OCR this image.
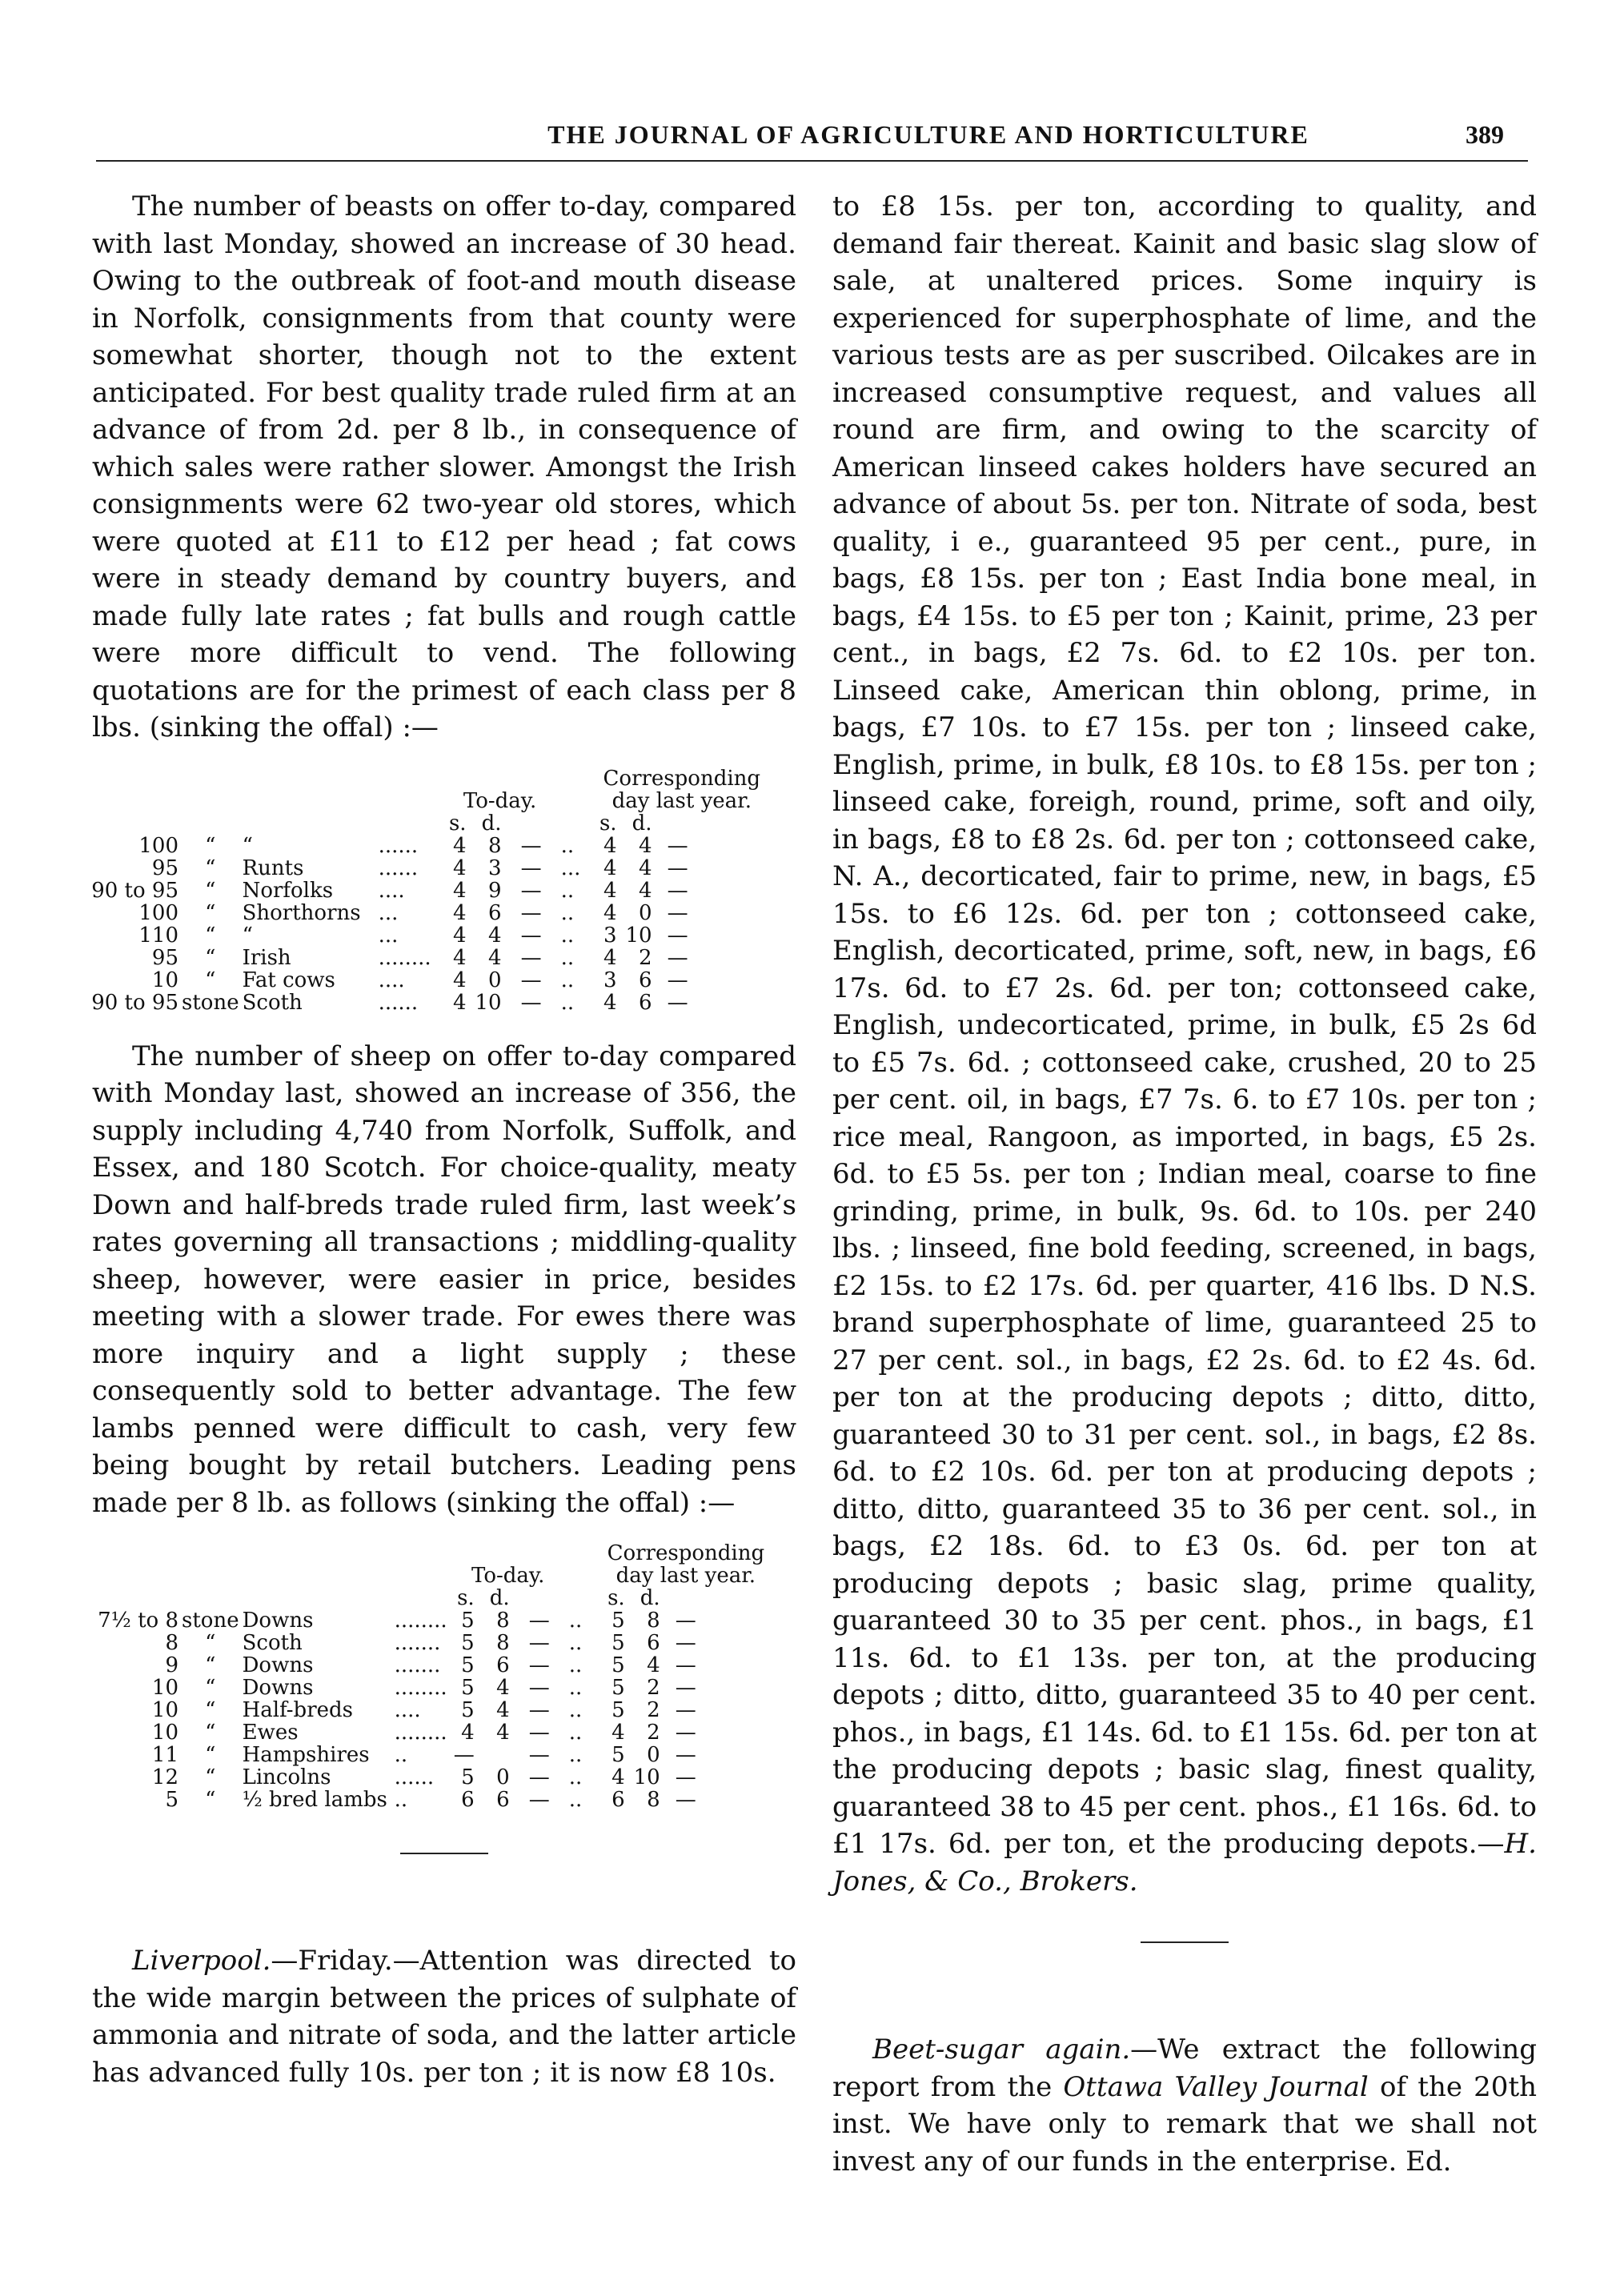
THE JOURNAL OF AGRICULTURE AND HORTICULTURE	389

The number of beasts on offer to-day, compared with last Monday, showed an increase of 30 head. Owing to the outbreak of foot-and mouth disease in Norfolk, consignments from that county were somewhat shorter, though not to the extent anticipated. For best quality trade ruled firm at an advance of from 2d. per 8 lb., in consequence of which sales were rather slower. Amongst the Irish consignments were 62 two-year old stores, which were quoted at £11 to £12 per head ; fat cows were in steady demand by country buyers, and made fully late rates ; fat bulls and rough cattle were more difficult to vend. The following quotations are for the primest of each class per 8 lbs. (sinking the offal) :—

							Corresponding				
				To-day.			day last year.				
				s.	d.			s.	d.		
100	“	“	......	4	8	—	..	4	4	—	
95	“	Runts	......	4	3	—	...	4	4	—	
90 to 95	“	Norfolks	....	4	9	—	..	4	4	—	
100	“	Shorthorns	...	4	6	—	..	4	0	—	
110	“	“	...	4	4	—	..	3	10	—	
95	“	Irish	........	4	4	—	..	4	2	—	
10	“	Fat cows	....	4	0	—	..	3	6	—	
90 to 95	stone	Scoth	......	4	10	—	..	4	6	—	

The number of sheep on offer to-day compared with Monday last, showed an increase of 356, the supply including 4,740 from Norfolk, Suffolk, and Essex, and 180 Scotch. For choice-quality, meaty Down and half-breds trade ruled firm, last week’s rates governing all transactions ; middling-quality sheep, however, were easier in price, besides meeting with a slower trade. For ewes there was more inquiry and a light supply ; these consequently sold to better advantage. The few lambs penned were difficult to cash, very few being bought by retail butchers. Leading pens made per 8 lb. as follows (sinking the offal) :—

							Corresponding				
				To-day.			day last year.				
				s.	d.			s.	d.		
7½ to 8	stone	Downs	........	5	8	—	..	5	8	—	
8	“	Scoth	.......	5	8	—	..	5	6	—	
9	“	Downs	.......	5	6	—	..	5	4	—	
10	“	Downs	........	5	4	—	..	5	2	—	
10	“	Half-breds	....	5	4	—	..	5	2	—	
10	“	Ewes	........	4	4	—	..	4	2	—	
11	“	Hampshires	..	—		—	..	5	0	—	
12	“	Lincolns	......	5	0	—	..	4	10	—	
5	“	½ bred lambs	..	6	6	—	..	6	8	—	

Liverpool.—Friday.—Attention was directed to the wide margin between the prices of sulphate of ammonia and nitrate of soda, and the latter article has advanced fully 10s. per ton ; it is now £8 10s.

to £8 15s. per ton, according to quality, and demand fair thereat. Kainit and basic slag slow of sale, at unaltered prices. Some inquiry is experienced for superphosphate of lime, and the various tests are as per suscribed. Oilcakes are in increased consumptive request, and values all round are firm, and owing to the scarcity of American linseed cakes holders have secured an advance of about 5s. per ton. Nitrate of soda, best quality, i e., guaranteed 95 per cent., pure, in bags, £8 15s. per ton ; East India bone meal, in bags, £4 15s. to £5 per ton ; Kainit, prime, 23 per cent., in bags, £2 7s. 6d. to £2 10s. per ton. Linseed cake, American thin oblong, prime, in bags, £7 10s. to £7 15s. per ton ; linseed cake, English, prime, in bulk, £8 10s. to £8 15s. per ton ; linseed cake, foreigh, round, prime, soft and oily, in bags, £8 to £8 2s. 6d. per ton ; cottonseed cake, N. A., decorticated, fair to prime, new, in bags, £5 15s. to £6 12s. 6d. per ton ; cottonseed cake, English, decorticated, prime, soft, new, in bags, £6 17s. 6d. to £7 2s. 6d. per ton; cottonseed cake, English, undecorticated, prime, in bulk, £5 2s 6d to £5 7s. 6d. ; cottonseed cake, crushed, 20 to 25 per cent. oil, in bags, £7 7s. 6. to £7 10s. per ton ; rice meal, Rangoon, as imported, in bags, £5 2s. 6d. to £5 5s. per ton ; Indian meal, coarse to fine grinding, prime, in bulk, 9s. 6d. to 10s. per 240 lbs. ; linseed, fine bold feeding, screened, in bags, £2 15s. to £2 17s. 6d. per quarter, 416 lbs. D N.S. brand superphosphate of lime, guaranteed 25 to 27 per cent. sol., in bags, £2 2s. 6d. to £2 4s. 6d. per ton at the producing depots ; ditto, ditto, guaranteed 30 to 31 per cent. sol., in bags, £2 8s. 6d. to £2 10s. 6d. per ton at producing depots ; ditto, ditto, guaranteed 35 to 36 per cent. sol., in bags, £2 18s. 6d. to £3 0s. 6d. per ton at producing depots ; basic slag, prime quality, guaranteed 30 to 35 per cent. phos., in bags, £1 11s. 6d. to £1 13s. per ton, at the producing depots ; ditto, ditto, guaranteed 35 to 40 per cent. phos., in bags, £1 14s. 6d. to £1 15s. 6d. per ton at the producing depots ; basic slag, finest quality, guaranteed 38 to 45 per cent. phos., £1 16s. 6d. to £1 17s. 6d. per ton, et the producing depots.—H. Jones, & Co., Brokers.

Beet-sugar again.—We extract the following report from the Ottawa Valley Journal of the 20th inst. We have only to remark that we shall not invest any of our funds in the enterprise. Ed.
